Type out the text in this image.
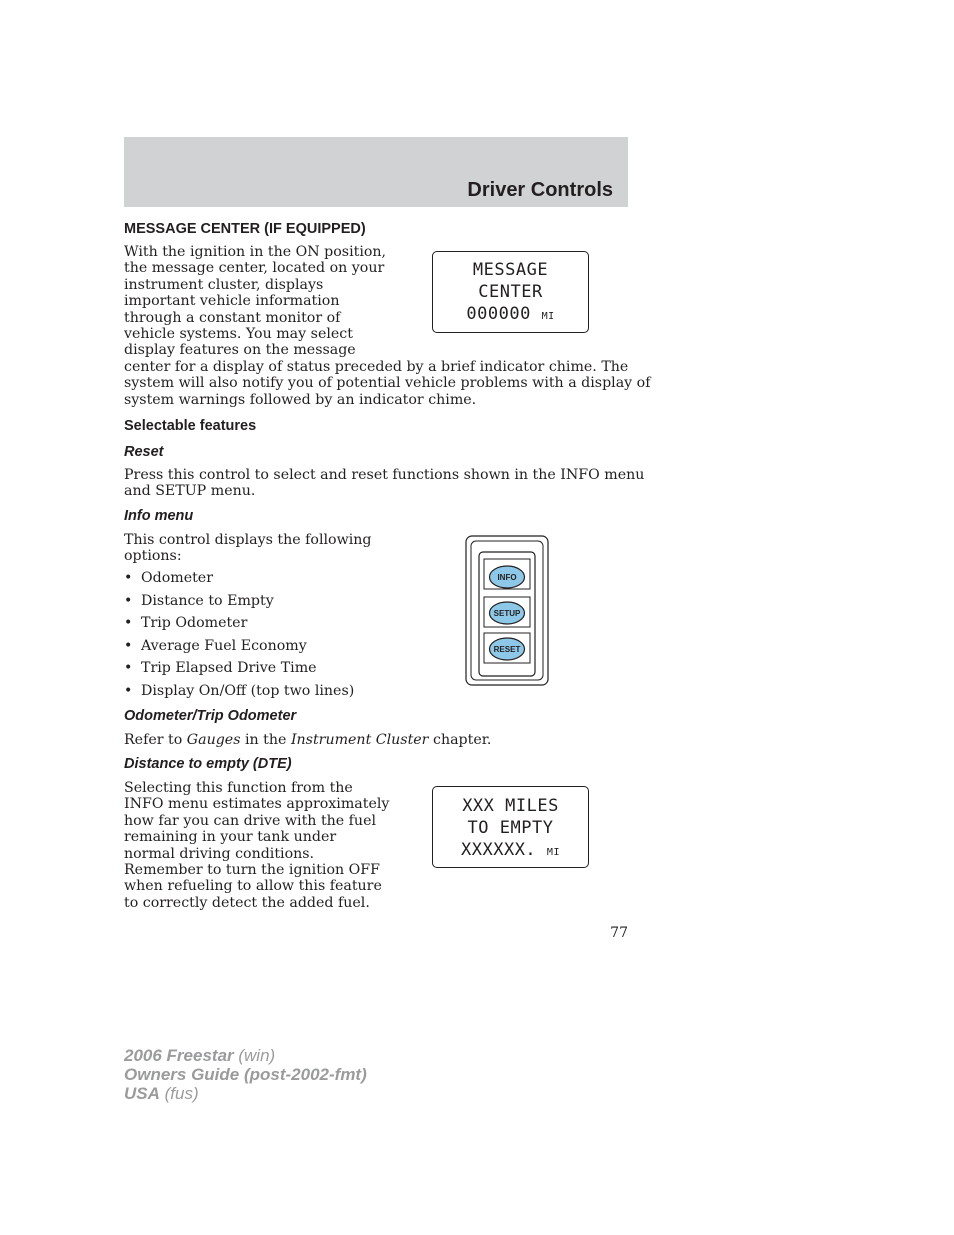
Driver Controls
MESSAGE CENTER (IF EQUIPPED)
With the ignition in the ON position,
the message center, located on your
instrument cluster, displays
important vehicle information
through a constant monitor of
vehicle systems. You may select
display features on the message
center for a display of status preceded by a brief indicator chime. The
system will also notify you of potential vehicle problems with a display of
system warnings followed by an indicator chime.
MESSAGE
CENTER
000000 MI
Selectable features
Reset
Press this control to select and reset functions shown in the INFO menu
and SETUP menu.
Info menu
This control displays the following
options:
• Odometer
• Distance to Empty
• Trip Odometer
• Average Fuel Economy
• Trip Elapsed Drive Time
• Display On/Off (top two lines)
INFO
SETUP
RESET
Odometer/Trip Odometer

Refer to Gauges in the Instrument Cluster chapter.

Distance to empty (DTE)
Selecting this function from the
INFO menu estimates approximately
how far you can drive with the fuel
remaining in your tank under
normal driving conditions.
Remember to turn the ignition OFF
when refueling to allow this feature
to correctly detect the added fuel.
XXX MILES
TO EMPTY
XXXXXX. MI
77
2006 Freestar (win)
Owners Guide (post-2002-fmt)
USA (fus)
